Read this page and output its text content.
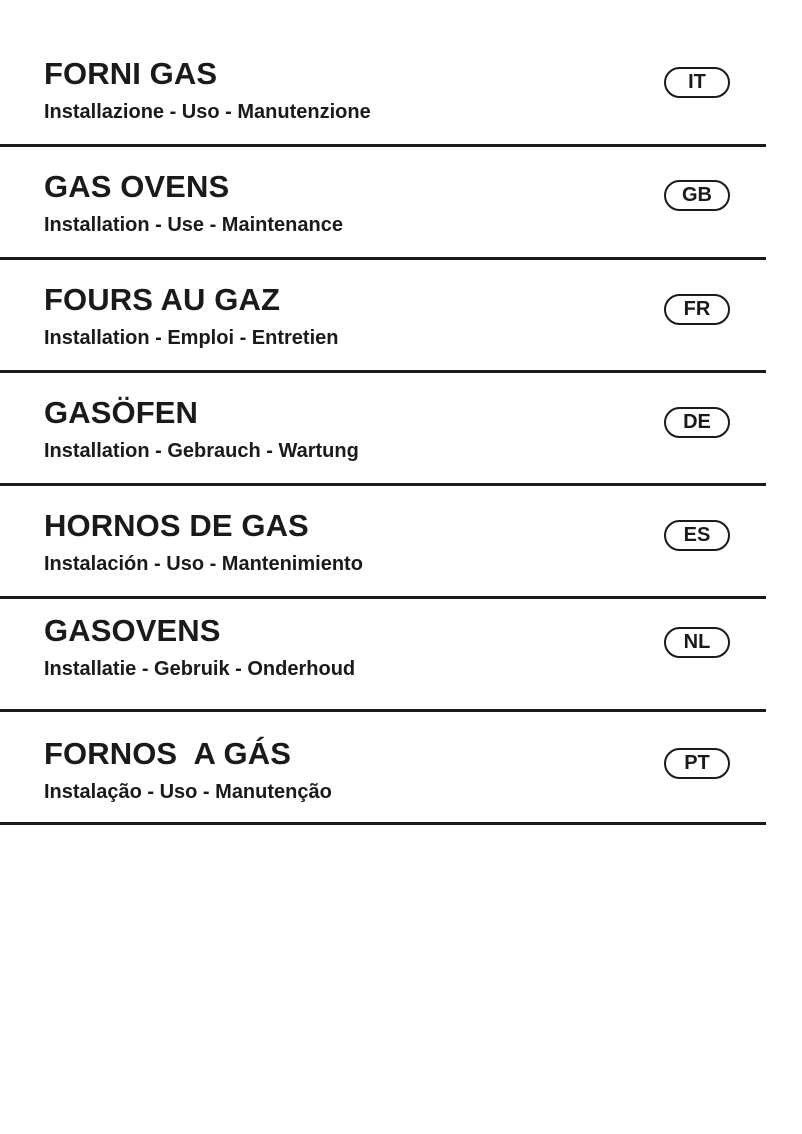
FORNI GAS
Installazione - Uso - Manutenzione
IT
GAS OVENS
Installation - Use - Maintenance
GB
FOURS AU GAZ
Installation - Emploi - Entretien
FR
GASÖFEN
Installation - Gebrauch - Wartung
DE
HORNOS DE GAS
Instalación - Uso - Mantenimiento
ES
GASOVENS
Installatie - Gebruik - Onderhoud
NL
FORNOS  A GÁS
Instalação - Uso - Manutenção
PT
